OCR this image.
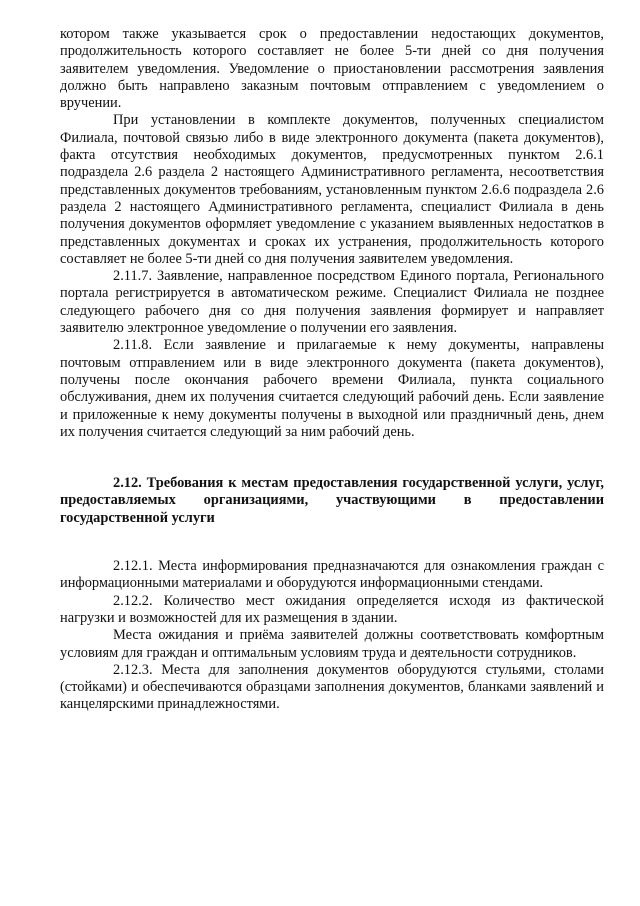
котором также указывается срок о предоставлении недостающих документов, продолжительность которого составляет не более 5-ти дней со дня получения заявителем уведомления. Уведомление о приостановлении рассмотрения заявления должно быть направлено заказным почтовым отправлением с уведомлением о вручении.

При установлении в комплекте документов, полученных специалистом Филиала, почтовой связью либо в виде электронного документа (пакета документов), факта отсутствия необходимых документов, предусмотренных пунктом 2.6.1 подраздела 2.6 раздела 2 настоящего Административного регламента, несоответствия представленных документов требованиям, установленным пунктом 2.6.6 подраздела 2.6 раздела 2 настоящего Административного регламента, специалист Филиала в день получения документов оформляет уведомление с указанием выявленных недостатков в представленных документах и сроках их устранения, продолжительность которого составляет не более 5-ти дней со дня получения заявителем уведомления.

2.11.7. Заявление, направленное посредством Единого портала, Регионального портала регистрируется в автоматическом режиме. Специалист Филиала не позднее следующего рабочего дня со дня получения заявления формирует и направляет заявителю электронное уведомление о получении его заявления.

2.11.8. Если заявление и прилагаемые к нему документы, направлены почтовым отправлением или в виде электронного документа (пакета документов), получены после окончания рабочего времени Филиала, пункта социального обслуживания, днем их получения считается следующий рабочий день. Если заявление и приложенные к нему документы получены в выходной или праздничный день, днем их получения считается следующий за ним рабочий день.

2.12. Требования к местам предоставления государственной услуги, услуг, предоставляемых организациями, участвующими в предоставлении государственной услуги

2.12.1. Места информирования предназначаются для ознакомления граждан с информационными материалами и оборудуются информационными стендами.

2.12.2. Количество мест ожидания определяется исходя из фактической нагрузки и возможностей для их размещения в здании.

Места ожидания и приёма заявителей должны соответствовать комфортным условиям для граждан и оптимальным условиям труда и деятельности сотрудников.

2.12.3. Места для заполнения документов оборудуются стульями, столами (стойками) и обеспечиваются образцами заполнения документов, бланками заявлений и канцелярскими принадлежностями.
